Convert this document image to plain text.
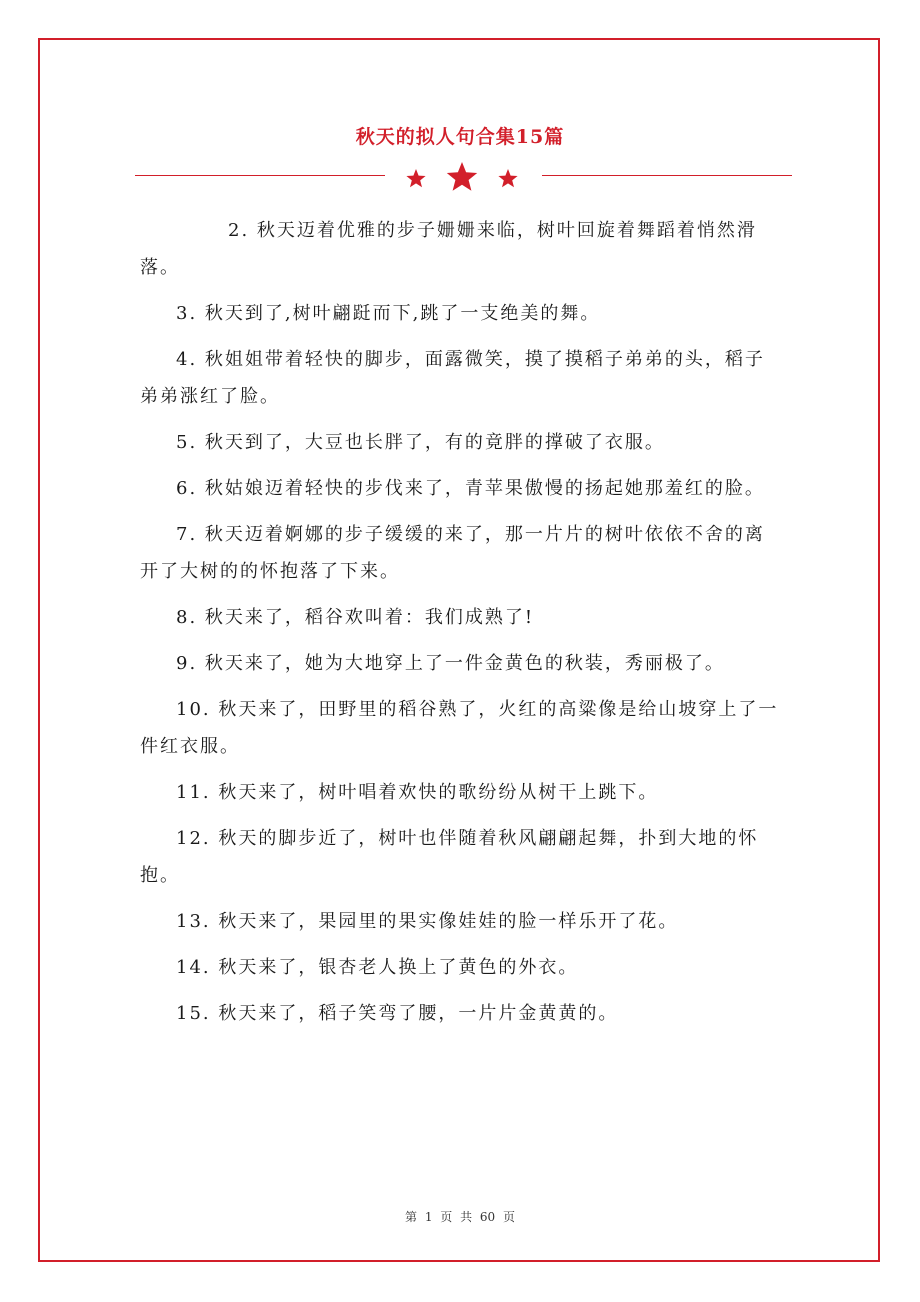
秋天的拟人句合集15篇

2. 秋天迈着优雅的步子姗姗来临，树叶回旋着舞蹈着悄然滑落。

3. 秋天到了,树叶翩跹而下,跳了一支绝美的舞。

4. 秋姐姐带着轻快的脚步，面露微笑，摸了摸稻子弟弟的头，稻子弟弟涨红了脸。

5. 秋天到了，大豆也长胖了，有的竟胖的撑破了衣服。

6. 秋姑娘迈着轻快的步伐来了，青苹果傲慢的扬起她那羞红的脸。

7. 秋天迈着婀娜的步子缓缓的来了，那一片片的树叶依依不舍的离开了大树的的怀抱落了下来。

8. 秋天来了，稻谷欢叫着：我们成熟了!

9. 秋天来了，她为大地穿上了一件金黄色的秋装，秀丽极了。

10. 秋天来了，田野里的稻谷熟了，火红的高粱像是给山坡穿上了一件红衣服。

11. 秋天来了，树叶唱着欢快的歌纷纷从树干上跳下。

12. 秋天的脚步近了，树叶也伴随着秋风翩翩起舞，扑到大地的怀抱。

13. 秋天来了，果园里的果实像娃娃的脸一样乐开了花。

14. 秋天来了，银杏老人换上了黄色的外衣。

15. 秋天来了，稻子笑弯了腰，一片片金黄黄的。

第 1 页 共 60 页
